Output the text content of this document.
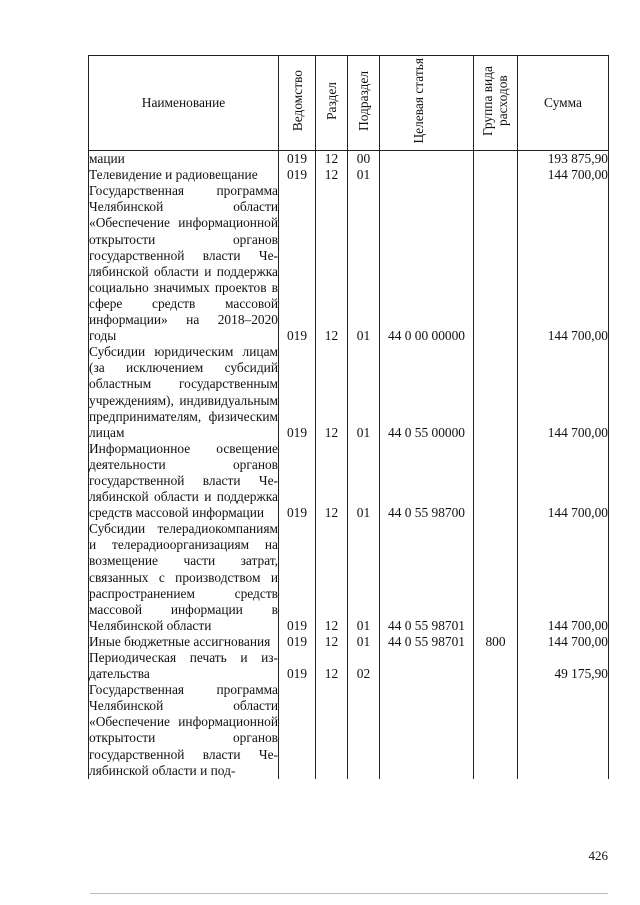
Наименование	Ведомство	Раздел	Подраздел	Целевая статья	Группа вида расходов	Сумма
мации	019	12	00			193 875,90
Телевидение и радиовещание	019	12	01			144 700,00
Государственная программа Челябинской области «Обеспечение информационной открытости органов государственной власти Челябинской области и поддержка социально значимых проектов в сфере средств массовой информации» на 2018–2020 годы	019	12	01	44 0 00 00000		144 700,00
Субсидии юридическим лицам (за исключением субсидий областным государственным учреждениям), индивидуальным предпринимателям, физическим лицам	019	12	01	44 0 55 00000		144 700,00
Информационное освещение деятельности органов государственной власти Челябинской области и поддержка средств массовой информации	019	12	01	44 0 55 98700		144 700,00
Субсидии телерадиокомпаниям и телерадиоорганизациям на возмещение части затрат, связанных с производством и распространением средств массовой информации в Челябинской области	019	12	01	44 0 55 98701		144 700,00
Иные бюджетные ассигнования	019	12	01	44 0 55 98701	800	144 700,00
Периодическая печать и издательства	019	12	02			49 175,90
Государственная программа Челябинской области «Обеспечение информационной открытости органов государственной власти Челябинской области и под-						
426
